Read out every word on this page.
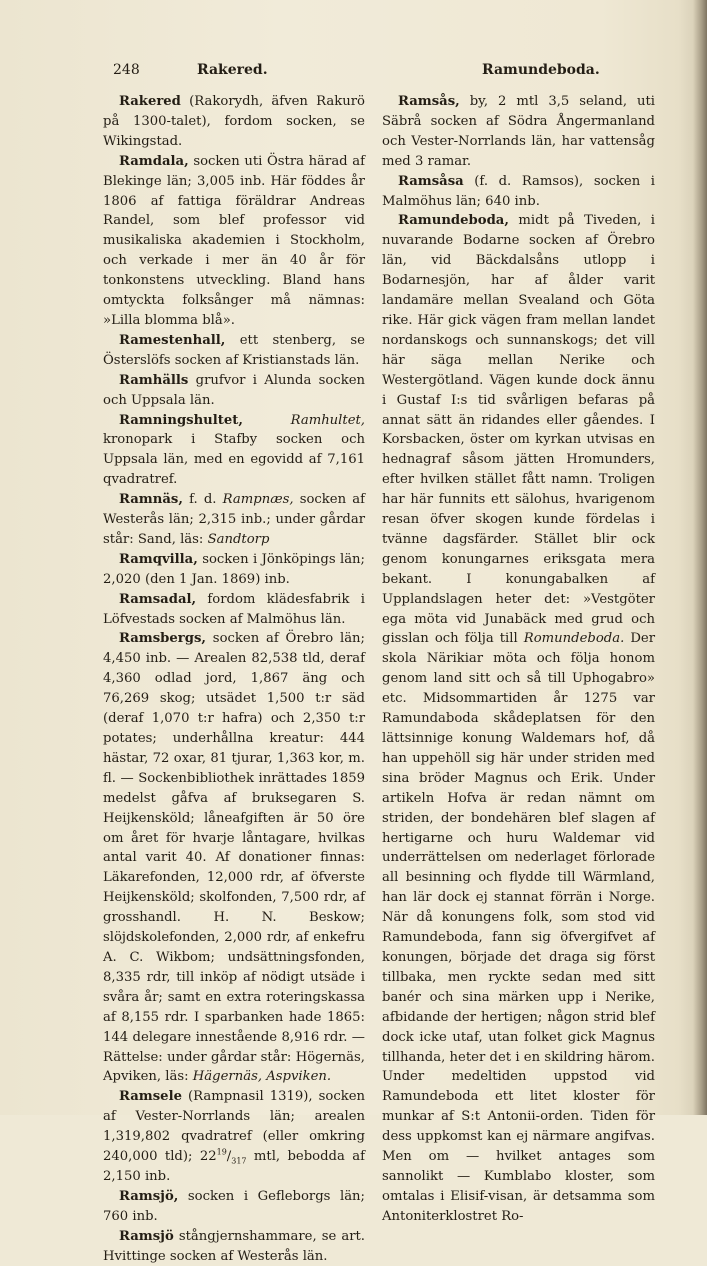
248	Rakered.	Ramundeboda.

Rakered (Rakorydh, äfven Rakurö på 1300-talet), fordom socken, se Wikingstad.

Ramdala, socken uti Östra härad af Blekinge län; 3,005 inb. Här föddes år 1806 af fattiga föräldrar Andreas Randel, som blef professor vid musikaliska akademien i Stockholm, och verkade i mer än 40 år för tonkonstens utveckling. Bland hans omtyckta folksånger må nämnas: »Lilla blomma blå».

Ramestenhall, ett stenberg, se Österslöfs socken af Kristianstads län.

Ramhälls grufvor i Alunda socken och Uppsala län.

Ramningshultet,	Ramhultet, kronopark i Stafby socken och Uppsala län, med en egovidd af 7,161 qvadratref.

Ramnäs, f. d. Rampnæs, socken af Westerås län; 2,315 inb.; under gårdar står: Sand, läs: Sandtorp

Ramqvilla, socken i Jönköpings län; 2,020 (den 1 Jan. 1869) inb.

Ramsadal, fordom klädesfabrik i Löfvestads socken af Malmöhus län.

Ramsbergs, socken af Örebro län; 4,450 inb. — Arealen 82,538 tld, deraf 4,360 odlad jord, 1,867 äng och 76,269 skog; utsädet 1,500 t:r säd (deraf 1,070 t:r hafra) och 2,350 t:r potates; underhållna kreatur: 444 hästar, 72 oxar, 81 tjurar, 1,363 kor, m. fl. — Sockenbibliothek inrättades 1859 medelst gåfva af bruksegaren S. Heijkensköld; låneafgiften är 50 öre om året för hvarje låntagare, hvilkas antal varit 40. Af donationer finnas: Läkarefonden, 12,000 rdr, af öfverste Heijkensköld; skolfonden, 7,500 rdr, af grosshandl. H. N. Beskow; slöjdskolefonden, 2,000 rdr, af enkefru A. C. Wikbom; undsättningsfonden, 8,335 rdr, till inköp af nödigt utsäde i svåra år; samt en extra roteringskassa af 8,155 rdr. I sparbanken hade 1865: 144 delegare innestående 8,916 rdr. — Rättelse: under gårdar står: Högernäs, Apviken, läs: Hägernäs, Aspviken.

Ramsele (Rampnasil 1319), socken af Vester-Norrlands län; arealen 1,319,802 qvadratref (eller omkring 240,000 tld); $22^{19}/_{317}$ mtl, bebodda af 2,150 inb.

Ramsjö, socken i Gefleborgs län; 760 inb.

Ramsjö stångjernshammare, se art. Hvittinge socken af Westerås län.

Ramsås, by, 2 mtl 3,5 seland, uti Säbrå socken af Södra Ångermanland och Vester-Norrlands län, har vattensåg med 3 ramar.

Ramsåsa (f. d. Ramsos), socken i Malmöhus län; 640 inb.

Ramundeboda, midt på Tiveden, i nuvarande Bodarne socken af Örebro län, vid Bäckdalsåns utlopp i Bodarnesjön, har af ålder varit landamäre mellan Svealand och Göta rike. Här gick vägen fram mellan landet nordanskogs och sunnanskogs; det vill här säga mellan Nerike och Westergötland. Vägen kunde dock ännu i Gustaf I:s tid svårligen befaras på annat sätt än ridandes eller gåendes. I Korsbacken, öster om kyrkan utvisas en hednagraf såsom jätten Hromunders, efter hvilken stället fått namn. Troligen har här funnits ett sälohus, hvarigenom resan öfver skogen kunde fördelas i tvänne dagsfärder. Stället blir ock genom konungarnes eriksgata mera bekant. I konungabalken af Upplandslagen heter det: »Vestgöter ega möta vid Junabäck med grud och gisslan och följa till Romundeboda. Der skola Närikiar möta och följa honom genom land sitt och så till Uphogabro» etc. Midsommartiden år 1275 var Ramundaboda skådeplatsen för den lättsinnige konung Waldemars hof, då han uppehöll sig här under striden med sina bröder Magnus och Erik. Under artikeln Hofva är redan nämnt om striden, der bondehären blef slagen af hertigarne och huru Waldemar vid underrättelsen om nederlaget förlorade all besinning och flydde till Wärmland, han lär dock ej stannat förrän i Norge. När då konungens folk, som stod vid Ramundeboda, fann sig öfvergifvet af konungen, började det draga sig först tillbaka, men ryckte sedan med sitt banér och sina märken upp i Nerike, afbidande der hertigen; någon strid blef dock icke utaf, utan folket gick Magnus tillhanda, heter det i en skildring härom. Under medeltiden uppstod vid Ramundeboda ett litet kloster för munkar af S:t Antonii-orden. Tiden för dess uppkomst kan ej närmare angifvas. Men om — hvilket antages som sannolikt — Kumblabo kloster, som omtalas i Elisif-visan, är detsamma som Antoniterklostret Ro-
